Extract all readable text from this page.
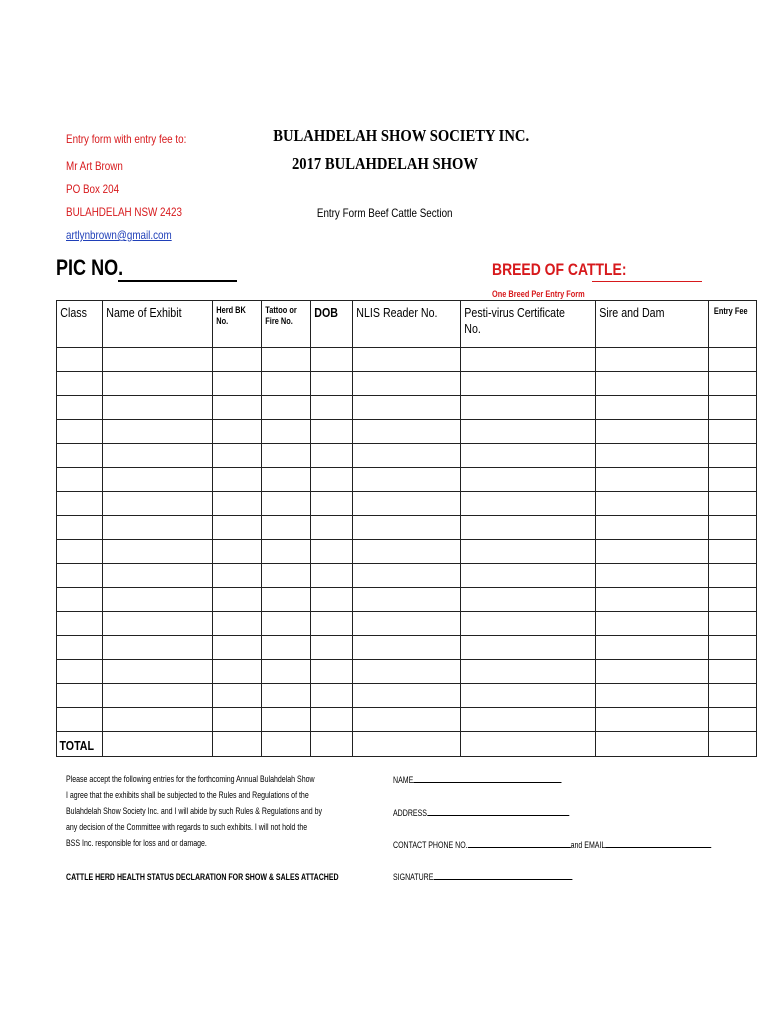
Entry form with entry fee to:
Mr Art Brown
PO Box 204
BULAHDELAH NSW 2423
artlynbrown@gmail.com
BULAHDELAH SHOW SOCIETY INC.
2017 BULAHDELAH SHOW
Entry Form Beef Cattle Section
PIC NO.	BREED OF CATTLE:
One Breed Per Entry Form
Class	Name of Exhibit	Herd BK No.	Tattoo or Fire No.	DOB	NLIS Reader No.	Pesti-virus Certificate No.	Sire and Dam	Entry Fee

TOTAL								
Please accept the following entries for the forthcoming Annual Bulahdelah Show
I agree that the exhibits shall be subjected to the Rules and Regulations of the
Bulahdelah Show Society Inc. and I will abide by such Rules & Regulations and by
any decision of the Committee with regards to such exhibits. I will not hold the
BSS Inc. responsible for loss and or damage.
CATTLE HERD HEALTH STATUS DECLARATION FOR SHOW & SALES ATTACHED
NAME
ADDRESS
CONTACT PHONE NO.	and EMAIL
SIGNATURE
